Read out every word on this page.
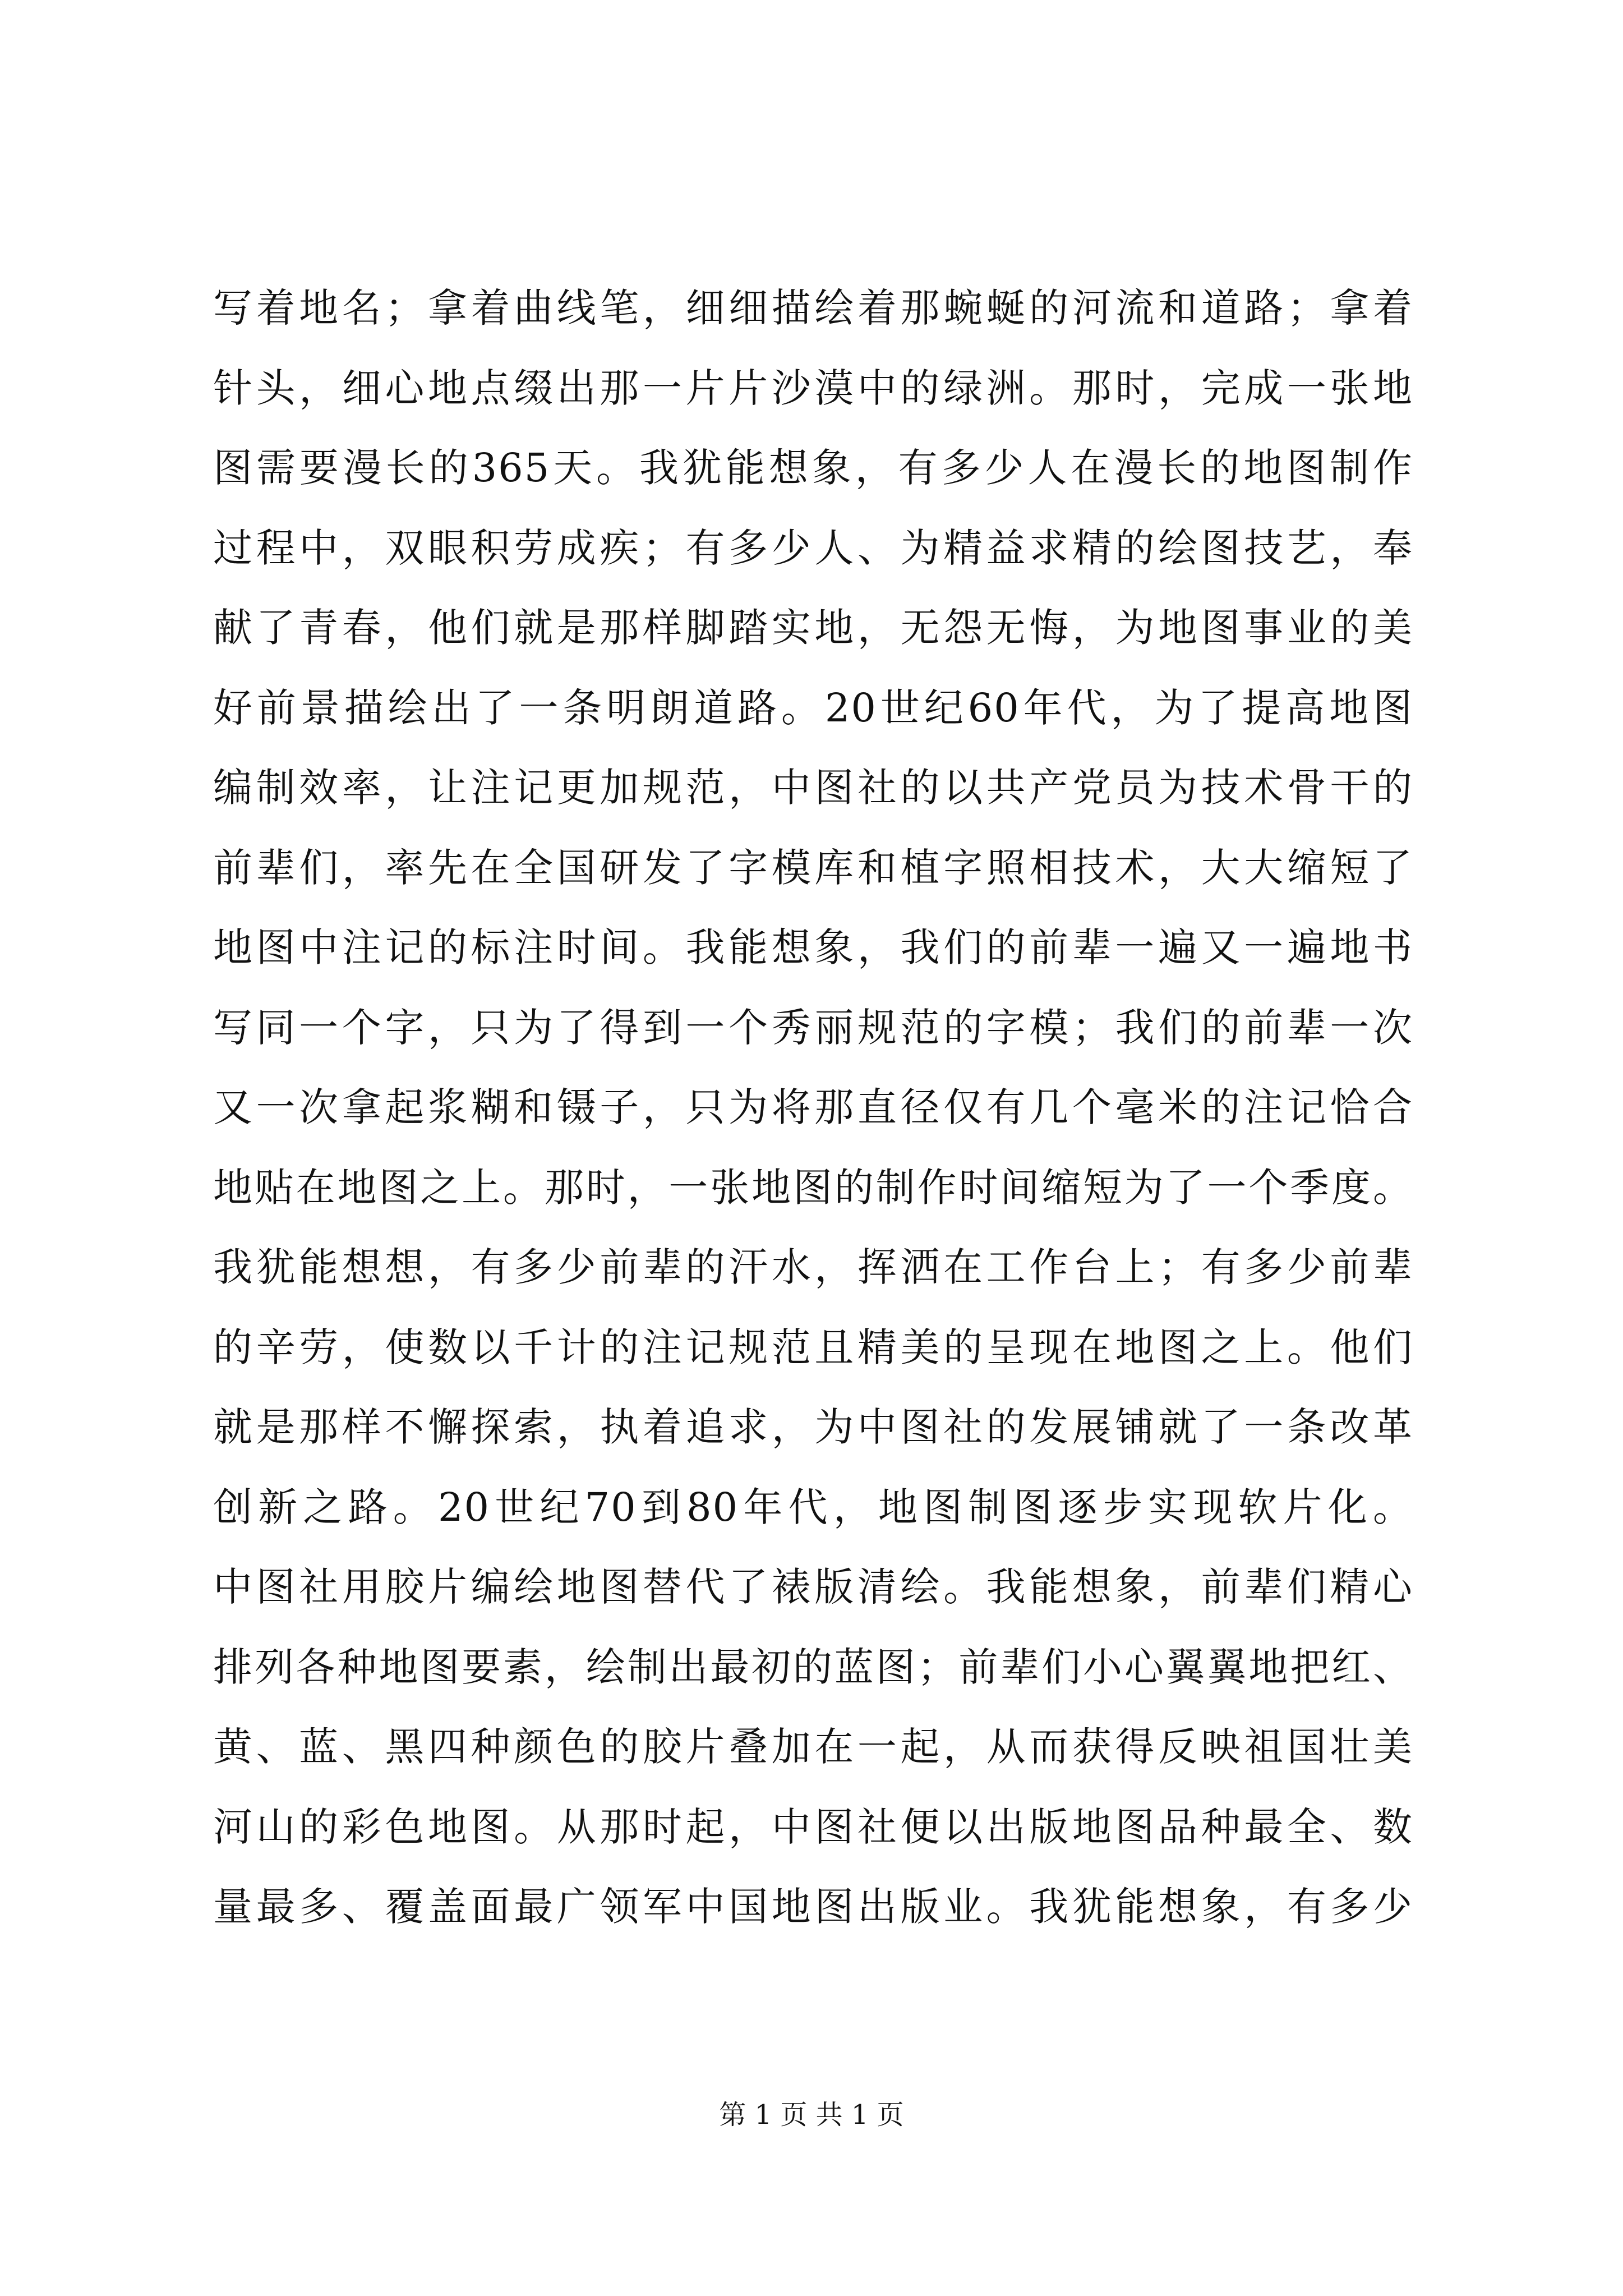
写着地名；拿着曲线笔，细细描绘着那蜿蜒的河流和道路；拿着
针头，细心地点缀出那一片片沙漠中的绿洲。那时，完成一张地
图需要漫长的365天。我犹能想象，有多少人在漫长的地图制作
过程中，双眼积劳成疾；有多少人、为精益求精的绘图技艺，奉
献了青春，他们就是那样脚踏实地，无怨无悔，为地图事业的美
好前景描绘出了一条明朗道路。20世纪60年代，为了提高地图
编制效率，让注记更加规范，中图社的以共产党员为技术骨干的
前辈们，率先在全国研发了字模库和植字照相技术，大大缩短了
地图中注记的标注时间。我能想象，我们的前辈一遍又一遍地书
写同一个字，只为了得到一个秀丽规范的字模；我们的前辈一次
又一次拿起浆糊和镊子，只为将那直径仅有几个毫米的注记恰合
地贴在地图之上。那时，一张地图的制作时间缩短为了一个季度。
我犹能想想，有多少前辈的汗水，挥洒在工作台上；有多少前辈
的辛劳，使数以千计的注记规范且精美的呈现在地图之上。他们
就是那样不懈探索，执着追求，为中图社的发展铺就了一条改革
创新之路。20世纪70到80年代，地图制图逐步实现软片化。
中图社用胶片编绘地图替代了裱版清绘。我能想象，前辈们精心
排列各种地图要素，绘制出最初的蓝图；前辈们小心翼翼地把红、
黄、蓝、黑四种颜色的胶片叠加在一起，从而获得反映祖国壮美
河山的彩色地图。从那时起，中图社便以出版地图品种最全、数
量最多、覆盖面最广领军中国地图出版业。我犹能想象，有多少
第 1 页 共 1 页
